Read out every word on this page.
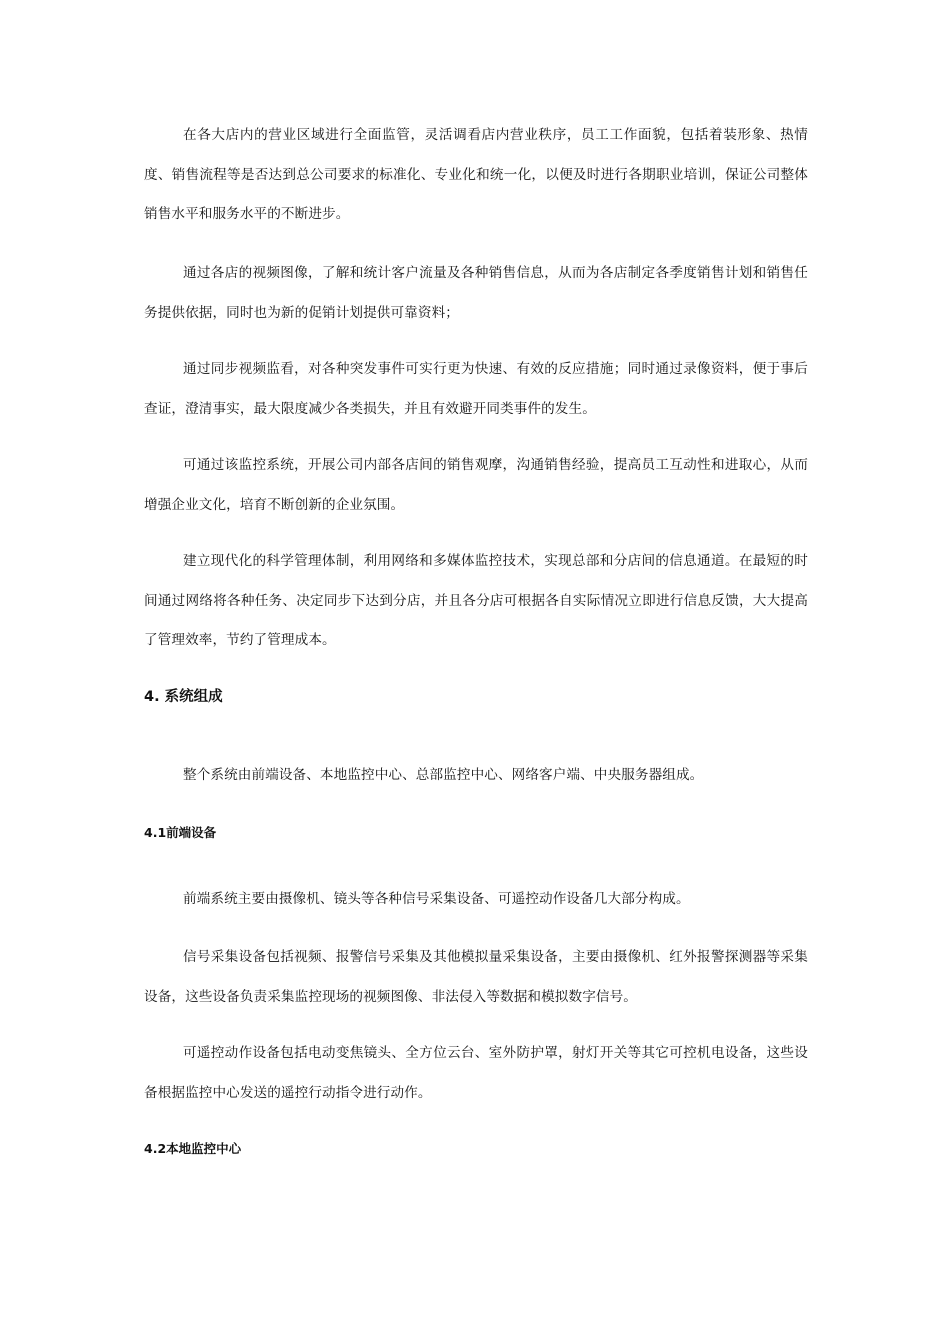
在各大店内的营业区域进行全面监管，灵活调看店内营业秩序，员工工作面貌，包括着装形象、热情度、销售流程等是否达到总公司要求的标准化、专业化和统一化，以便及时进行各期职业培训，保证公司整体销售水平和服务水平的不断进步。

通过各店的视频图像，了解和统计客户流量及各种销售信息，从而为各店制定各季度销售计划和销售任务提供依据，同时也为新的促销计划提供可靠资料；

通过同步视频监看，对各种突发事件可实行更为快速、有效的反应措施；同时通过录像资料，便于事后查证，澄清事实，最大限度减少各类损失，并且有效避开同类事件的发生。

可通过该监控系统，开展公司内部各店间的销售观摩，沟通销售经验，提高员工互动性和进取心，从而增强企业文化，培育不断创新的企业氛围。

建立现代化的科学管理体制，利用网络和多媒体监控技术，实现总部和分店间的信息通道。在最短的时间通过网络将各种任务、决定同步下达到分店，并且各分店可根据各自实际情况立即进行信息反馈，大大提高了管理效率，节约了管理成本。

4. 系统组成

整个系统由前端设备、本地监控中心、总部监控中心、网络客户端、中央服务器组成。

4.1前端设备

前端系统主要由摄像机、镜头等各种信号采集设备、可遥控动作设备几大部分构成。

信号采集设备包括视频、报警信号采集及其他模拟量采集设备，主要由摄像机、红外报警探测器等采集设备，这些设备负责采集监控现场的视频图像、非法侵入等数据和模拟数字信号。

可遥控动作设备包括电动变焦镜头、全方位云台、室外防护罩，射灯开关等其它可控机电设备，这些设备根据监控中心发送的遥控行动指令进行动作。

4.2本地监控中心
